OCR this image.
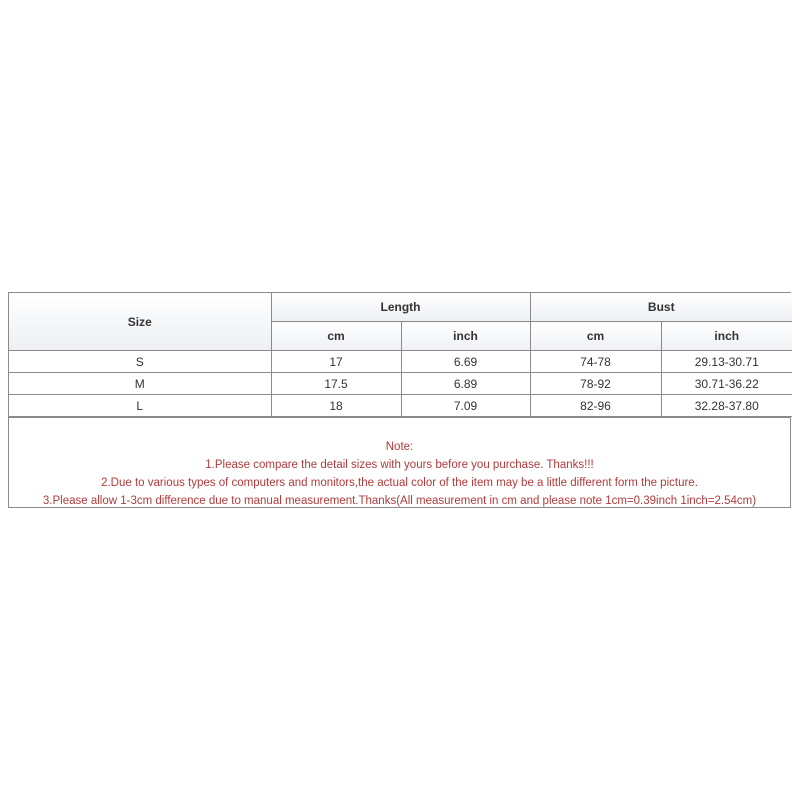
Size	Length		Bust	
	cm	inch	cm	inch
S	17	6.69	74-78	29.13-30.71
M	17.5	6.89	78-92	30.71-36.22
L	18	7.09	82-96	32.28-37.80
Note:
1.Please compare the detail sizes with yours before you purchase. Thanks!!!
2.Due to various types of computers and monitors,the actual color of the item may be a little different form the picture.
3.Please allow 1-3cm difference due to manual measurement.Thanks(All measurement in cm and please note 1cm=0.39inch 1inch=2.54cm)
